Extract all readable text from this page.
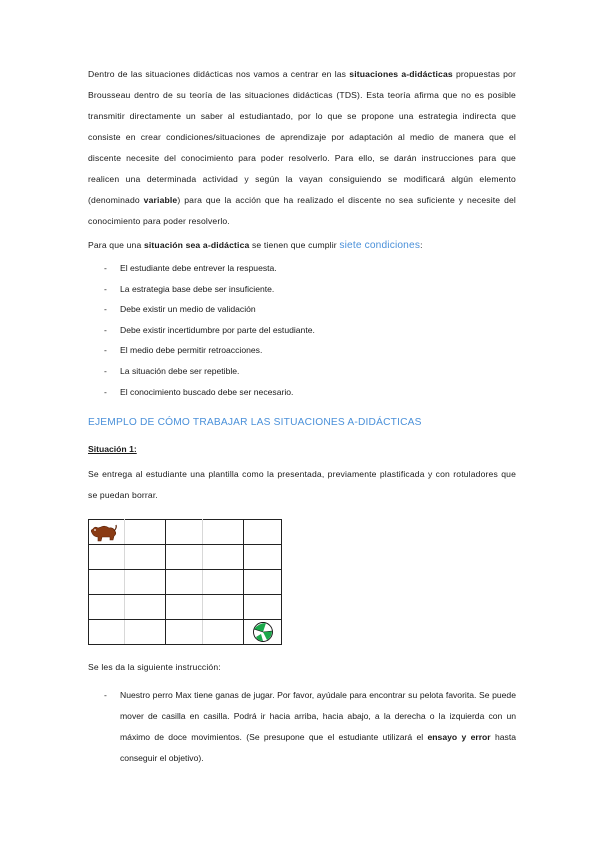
Dentro de las situaciones didácticas nos vamos a centrar en las situaciones a-didácticas propuestas por Brousseau dentro de su teoría de las situaciones didácticas (TDS). Esta teoría afirma que no es posible transmitir directamente un saber al estudiantado, por lo que se propone una estrategia indirecta que consiste en crear condiciones/situaciones de aprendizaje por adaptación al medio de manera que el discente necesite del conocimiento para poder resolverlo. Para ello, se darán instrucciones para que realicen una determinada actividad y según la vayan consiguiendo se modificará algún elemento (denominado variable) para que la acción que ha realizado el discente no sea suficiente y necesite del conocimiento para poder resolverlo.

Para que una situación sea a-didáctica se tienen que cumplir siete condiciones:

- El estudiante debe entrever la respuesta.
- La estrategia base debe ser insuficiente.
- Debe existir un medio de validación
- Debe existir incertidumbre por parte del estudiante.
- El medio debe permitir retroacciones.
- La situación debe ser repetible.
- El conocimiento buscado debe ser necesario.
EJEMPLO DE CÓMO TRABAJAR LAS SITUACIONES A-DIDÁCTICAS
Situación 1:

Se entrega al estudiante una plantilla como la presentada, previamente plastificada y con rotuladores que se puedan borrar.

Se les da la siguiente instrucción:

- Nuestro perro Max tiene ganas de jugar. Por favor, ayúdale para encontrar su pelota favorita. Se puede mover de casilla en casilla. Podrá ir hacia arriba, hacia abajo, a la derecha o la izquierda con un máximo de doce movimientos. (Se presupone que el estudiante utilizará el ensayo y error hasta conseguir el objetivo).
